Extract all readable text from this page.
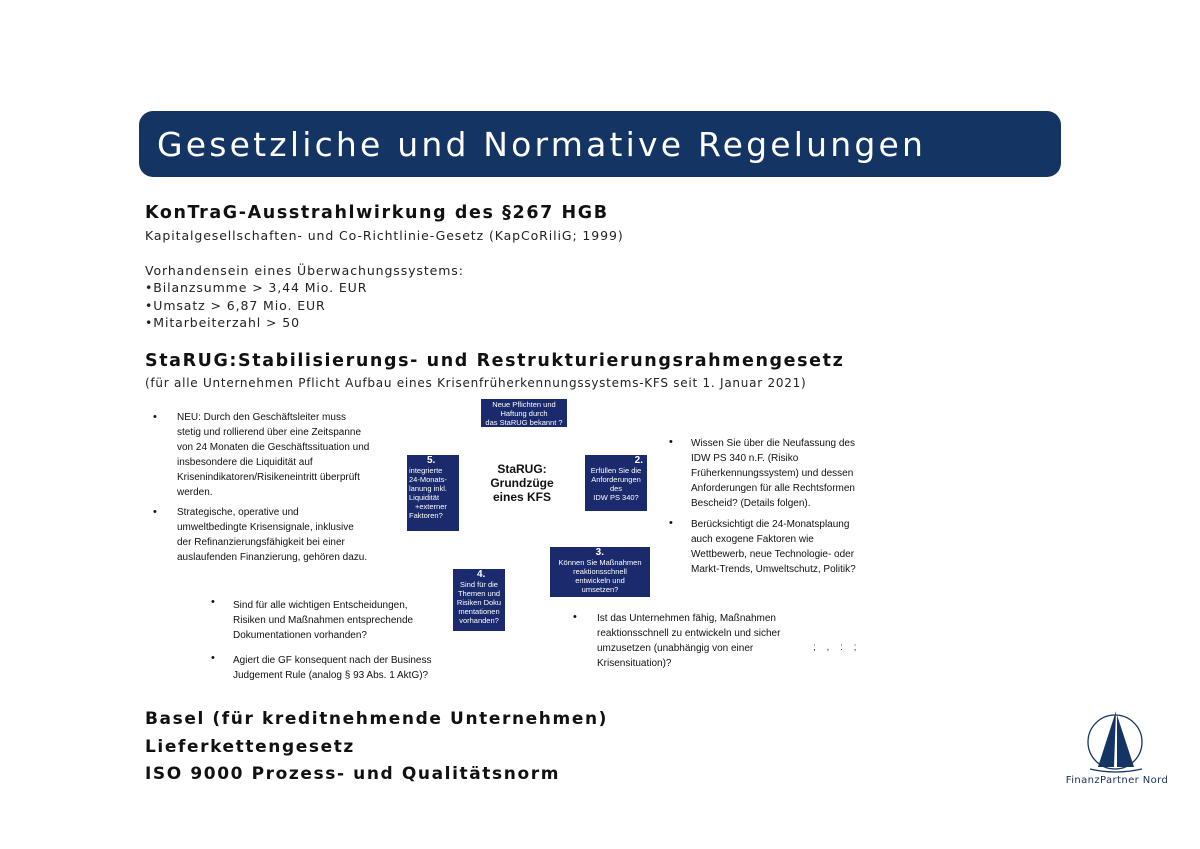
Gesetzliche und Normative Regelungen
KonTraG-Ausstrahlwirkung des §267 HGB
Kapitalgesellschaften- und Co-Richtlinie-Gesetz (KapCoRiliG; 1999)
Vorhandensein eines Überwachungssystems:
•Bilanzsumme > 3,44 Mio. EUR
•Umsatz > 6,87 Mio. EUR
•Mitarbeiterzahl > 50
StaRUG:Stabilisierungs- und Restrukturierungsrahmengesetz
(für alle Unternehmen Pflicht Aufbau eines Krisenfrüherkennungssystems-KFS seit 1. Januar 2021)
• NEU: Durch den Geschäftsleiter muss
stetig und rollierend über eine Zeitspanne
von 24 Monaten die Geschäftssituation und
insbesondere die Liquidität auf
Krisenindikatoren/Risikeneintritt überprüft
werden.
• Strategische, operative und
umweltbedingte Krisensignale, inklusive
der Refinanzierungsfähigkeit bei einer
auslaufenden Finanzierung, gehören dazu.
• Wissen Sie über die Neufassung des
IDW PS 340 n.F. (Risiko
Früherkennungssystem) und dessen
Anforderungen für alle Rechtsformen
Bescheid? (Details folgen).
• Berücksichtigt die 24-Monatsplaung
auch exogene Faktoren wie
Wettbewerb, neue Technologie- oder
Markt-Trends, Umweltschutz, Politik?
• Sind für alle wichtigen Entscheidungen,
Risiken und Maßnahmen entsprechende
Dokumentationen vorhanden?
• Agiert die GF konsequent nach der Business
Judgement Rule (analog § 93 Abs. 1 AktG)?
• Ist das Unternehmen fähig, Maßnahmen
reaktionsschnell zu entwickeln und sicher
umzusetzen (unabhängig von einer
Krisensituation)?
; , : ;
StaRUG:
Grundzüge
eines KFS
Neue Pflichten und
Haftung durch
das StaRUG bekannt ?
5.
integrierte
24-Monats-
lanung inkl.
Liquidität
+externer
Faktoren?
2.
Erfüllen Sie die
Anforderungen
des
IDW PS 340?
3.
Können Sie Maßnahmen
reaktionsschnell
entwickeln und
umsetzen?
4.
Sind für die
Themen und
Risiken Doku
mentationen
vorhanden?
Basel (für kreditnehmende Unternehmen)
Lieferkettengesetz
ISO 9000 Prozess- und Qualitätsnorm	FinanzPartner Nord
